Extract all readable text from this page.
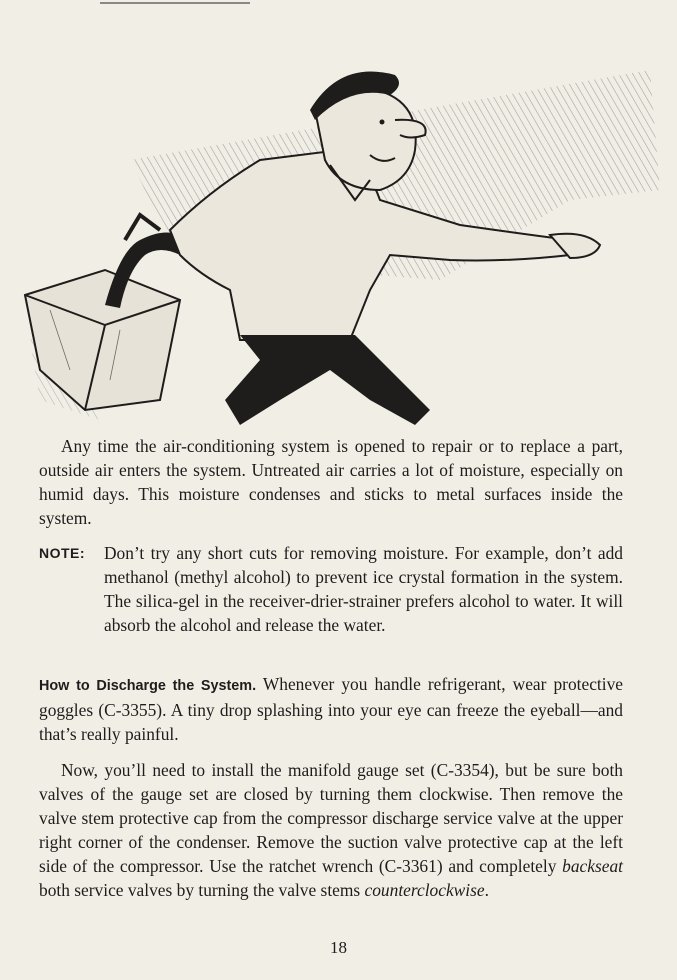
Any time the air-conditioning system is opened to repair or to replace a part, outside air enters the system. Untreated air carries a lot of moisture, especially on humid days. This moisture condenses and sticks to metal surfaces inside the system.

NOTE: Don’t try any short cuts for removing moisture. For example, don’t add methanol (methyl alcohol) to prevent ice crystal formation in the system. The silica-gel in the receiver-drier-strainer prefers alcohol to water. It will absorb the alcohol and release the water.

How to Discharge the System. Whenever you handle refrigerant, wear protective goggles (C-3355). A tiny drop splashing into your eye can freeze the eyeball—and that’s really painful.

Now, you’ll need to install the manifold gauge set (C-3354), but be sure both valves of the gauge set are closed by turning them clockwise. Then remove the valve stem protective cap from the compressor discharge service valve at the upper right corner of the condenser. Remove the suction valve protective cap at the left side of the compressor. Use the ratchet wrench (C-3361) and completely backseat both service valves by turning the valve stems counterclockwise.

18
